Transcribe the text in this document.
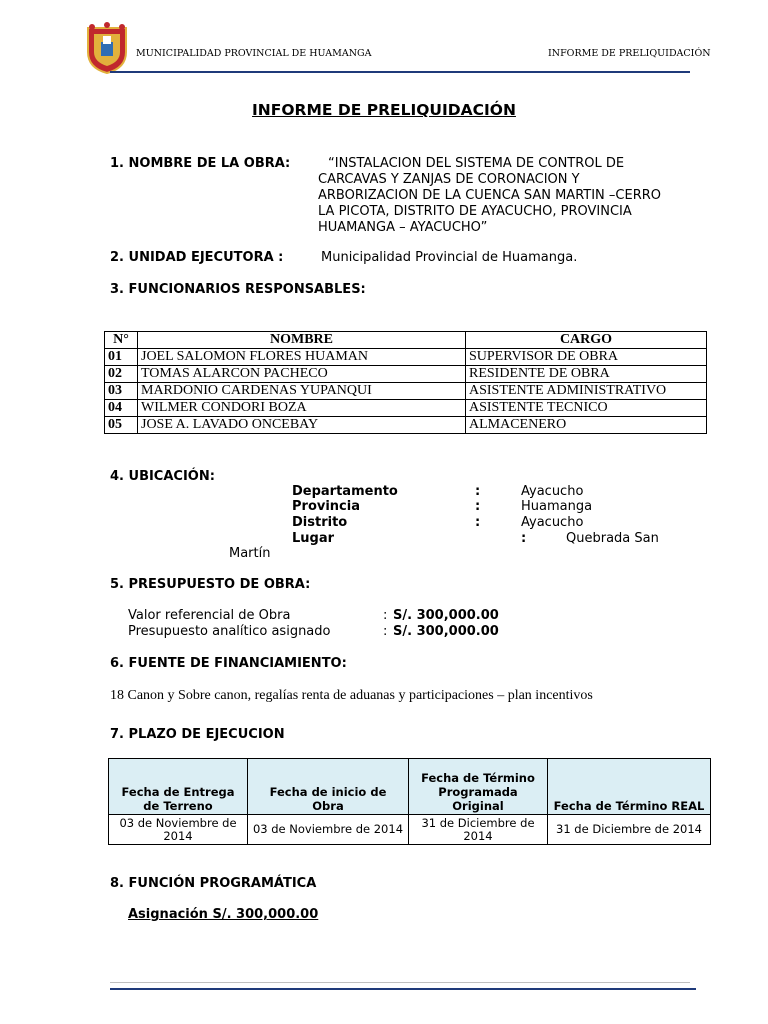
MUNICIPALIDAD PROVINCIAL DE HUAMANGA	INFORME DE PRELIQUIDACIÓN
INFORME DE PRELIQUIDACIÓN
1. NOMBRE DE LA OBRA:	“INSTALACION DEL SISTEMA DE CONTROL DE
CARCAVAS Y ZANJAS DE CORONACION Y
ARBORIZACION DE LA CUENCA SAN MARTIN –CERRO
LA PICOTA, DISTRITO DE AYACUCHO, PROVINCIA
HUAMANGA – AYACUCHO”
2. UNIDAD EJECUTORA :	Municipalidad Provincial de Huamanga.
3. FUNCIONARIOS RESPONSABLES:
N°	NOMBRE	CARGO
01	JOEL SALOMON FLORES HUAMAN	SUPERVISOR DE OBRA
02	TOMAS ALARCON PACHECO	RESIDENTE DE OBRA
03	MARDONIO CARDENAS YUPANQUI	ASISTENTE ADMINISTRATIVO
04	WILMER CONDORI BOZA	ASISTENTE TECNICO
05	JOSE A. LAVADO ONCEBAY	ALMACENERO
4. UBICACIÓN:
Departamento	:	Ayacucho
Provincia	:	Huamanga
Distrito	:	Ayacucho
Lugar	:	Quebrada San
Martín
5. PRESUPUESTO DE OBRA:
Valor referencial de Obra	: S/. 300,000.00
Presupuesto analítico asignado	: S/. 300,000.00
6. FUENTE DE FINANCIAMIENTO:
18 Canon y Sobre canon, regalías renta de aduanas y participaciones – plan incentivos
7. PLAZO DE EJECUCION
Fecha de Entrega de Terreno	Fecha de inicio de Obra	Fecha de Término Programada Original	Fecha de Término REAL
03 de Noviembre de 2014	03 de Noviembre de 2014	31 de Diciembre de 2014	31 de Diciembre de 2014
8. FUNCIÓN PROGRAMÁTICA
Asignación S/. 300,000.00
